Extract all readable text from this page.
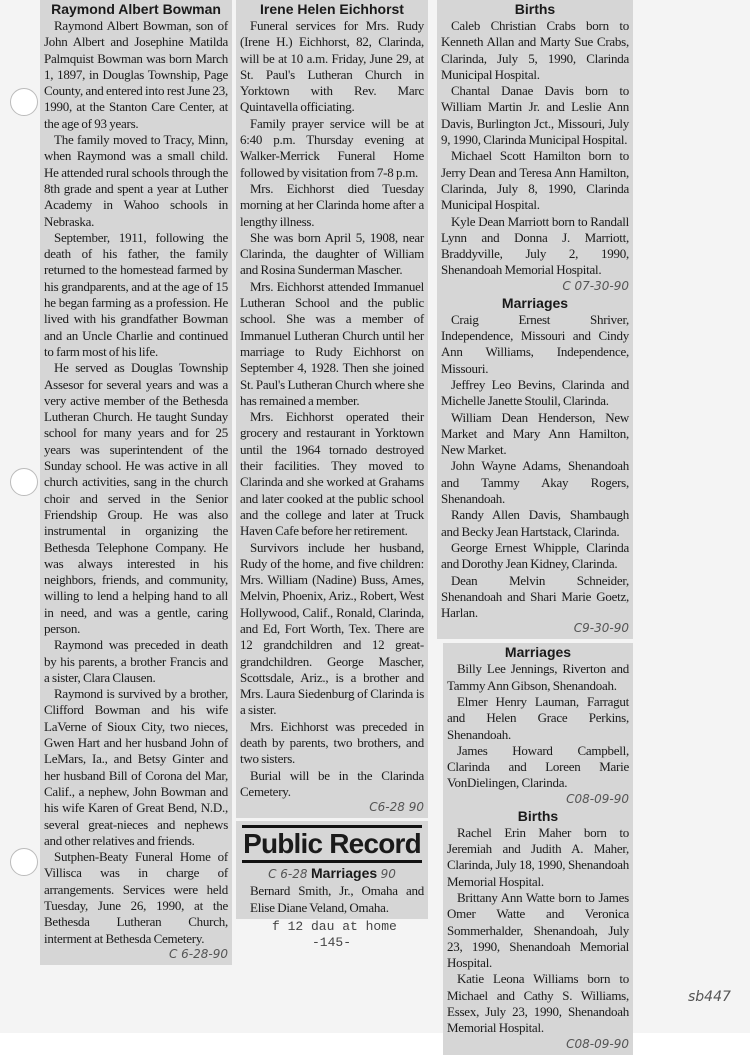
Raymond Albert Bowman

Raymond Albert Bowman, son of John Albert and Josephine Matilda Palmquist Bowman was born March 1, 1897, in Douglas Township, Page County, and entered into rest June 23, 1990, at the Stanton Care Center, at the age of 93 years.

The family moved to Tracy, Minn, when Raymond was a small child. He attended rural schools through the 8th grade and spent a year at Luther Academy in Wahoo schools in Nebraska.

September, 1911, following the death of his father, the family returned to the homestead farmed by his grandparents, and at the age of 15 he began farming as a profession. He lived with his grandfather Bowman and an Uncle Charlie and continued to farm most of his life.

He served as Douglas Township Assesor for several years and was a very active member of the Bethesda Lutheran Church. He taught Sunday school for many years and for 25 years was superintendent of the Sunday school. He was active in all church activities, sang in the church choir and served in the Senior Friendship Group. He was also instrumental in organizing the Bethesda Telephone Company. He was always interested in his neighbors, friends, and community, willing to lend a helping hand to all in need, and was a gentle, caring person.

Raymond was preceded in death by his parents, a brother Francis and a sister, Clara Clausen.

Raymond is survived by a brother, Clifford Bowman and his wife LaVerne of Sioux City, two nieces, Gwen Hart and her husband John of LeMars, Ia., and Betsy Ginter and her husband Bill of Corona del Mar, Calif., a nephew, John Bowman and his wife Karen of Great Bend, N.D., several great-nieces and nephews and other relatives and friends.

Sutphen-Beaty Funeral Home of Villisca was in charge of arrangements. Services were held Tuesday, June 26, 1990, at the Bethesda Lutheran Church, interment at Bethesda Cemetery.

C 6-28-90
Irene Helen Eichhorst

Funeral services for Mrs. Rudy (Irene H.) Eichhorst, 82, Clarinda, will be at 10 a.m. Friday, June 29, at St. Paul's Lutheran Church in Yorktown with Rev. Marc Quintavella officiating.

Family prayer service will be at 6:40 p.m. Thursday evening at Walker-Merrick Funeral Home followed by visitation from 7-8 p.m.

Mrs. Eichhorst died Tuesday morning at her Clarinda home after a lengthy illness.

She was born April 5, 1908, near Clarinda, the daughter of William and Rosina Sunderman Mascher.

Mrs. Eichhorst attended Immanuel Lutheran School and the public school. She was a member of Immanuel Lutheran Church until her marriage to Rudy Eichhorst on September 4, 1928. Then she joined St. Paul's Lutheran Church where she has remained a member.

Mrs. Eichhorst operated their grocery and restaurant in Yorktown until the 1964 tornado destroyed their facilities. They moved to Clarinda and she worked at Grahams and later cooked at the public school and the college and later at Truck Haven Cafe before her retirement.

Survivors include her husband, Rudy of the home, and five children: Mrs. William (Nadine) Buss, Ames, Melvin, Phoenix, Ariz., Robert, West Hollywood, Calif., Ronald, Clarinda, and Ed, Fort Worth, Tex. There are 12 grandchildren and 12 great-grandchildren. George Mascher, Scottsdale, Ariz., is a brother and Mrs. Laura Siedenburg of Clarinda is a sister.

Mrs. Eichhorst was preceded in death by parents, two brothers, and two sisters.

Burial will be in the Clarinda Cemetery.

C6-28 90
Public Record
C 6-28 Marriages 90

Bernard Smith, Jr., Omaha and Elise Diane Veland, Omaha.

f 12 dau at home
-145-
Births

Caleb Christian Crabs born to Kenneth Allan and Marty Sue Crabs, Clarinda, July 5, 1990, Clarinda Municipal Hospital.

Chantal Danae Davis born to William Martin Jr. and Leslie Ann Davis, Burlington Jct., Missouri, July 9, 1990, Clarinda Municipal Hospital.

Michael Scott Hamilton born to Jerry Dean and Teresa Ann Hamilton, Clarinda, July 8, 1990, Clarinda Municipal Hospital.

Kyle Dean Marriott born to Randall Lynn and Donna J. Marriott, Braddyville, July 2, 1990, Shenandoah Memorial Hospital.

C 07-30-90
Marriages

Craig Ernest Shriver, Independence, Missouri and Cindy Ann Williams, Independence, Missouri.

Jeffrey Leo Bevins, Clarinda and Michelle Janette Stoulil, Clarinda.

William Dean Henderson, New Market and Mary Ann Hamilton, New Market.

John Wayne Adams, Shenandoah and Tammy Akay Rogers, Shenandoah.

Randy Allen Davis, Shambaugh and Becky Jean Hartstack, Clarinda.

George Ernest Whipple, Clarinda and Dorothy Jean Kidney, Clarinda.

Dean Melvin Schneider, Shenandoah and Shari Marie Goetz, Harlan.

C9-30-90
Marriages

Billy Lee Jennings, Riverton and Tammy Ann Gibson, Shenandoah.

Elmer Henry Lauman, Farragut and Helen Grace Perkins, Shenandoah.

James Howard Campbell, Clarinda and Loreen Marie VonDielingen, Clarinda.

C08-09-90
Births

Rachel Erin Maher born to Jeremiah and Judith A. Maher, Clarinda, July 18, 1990, Shenandoah Memorial Hospital.

Brittany Ann Watte born to James Omer Watte and Veronica Sommerhalder, Shenandoah, July 23, 1990, Shenandoah Memorial Hospital.

Katie Leona Williams born to Michael and Cathy S. Williams, Essex, July 23, 1990, Shenandoah Memorial Hospital.

C08-09-90
sb447
